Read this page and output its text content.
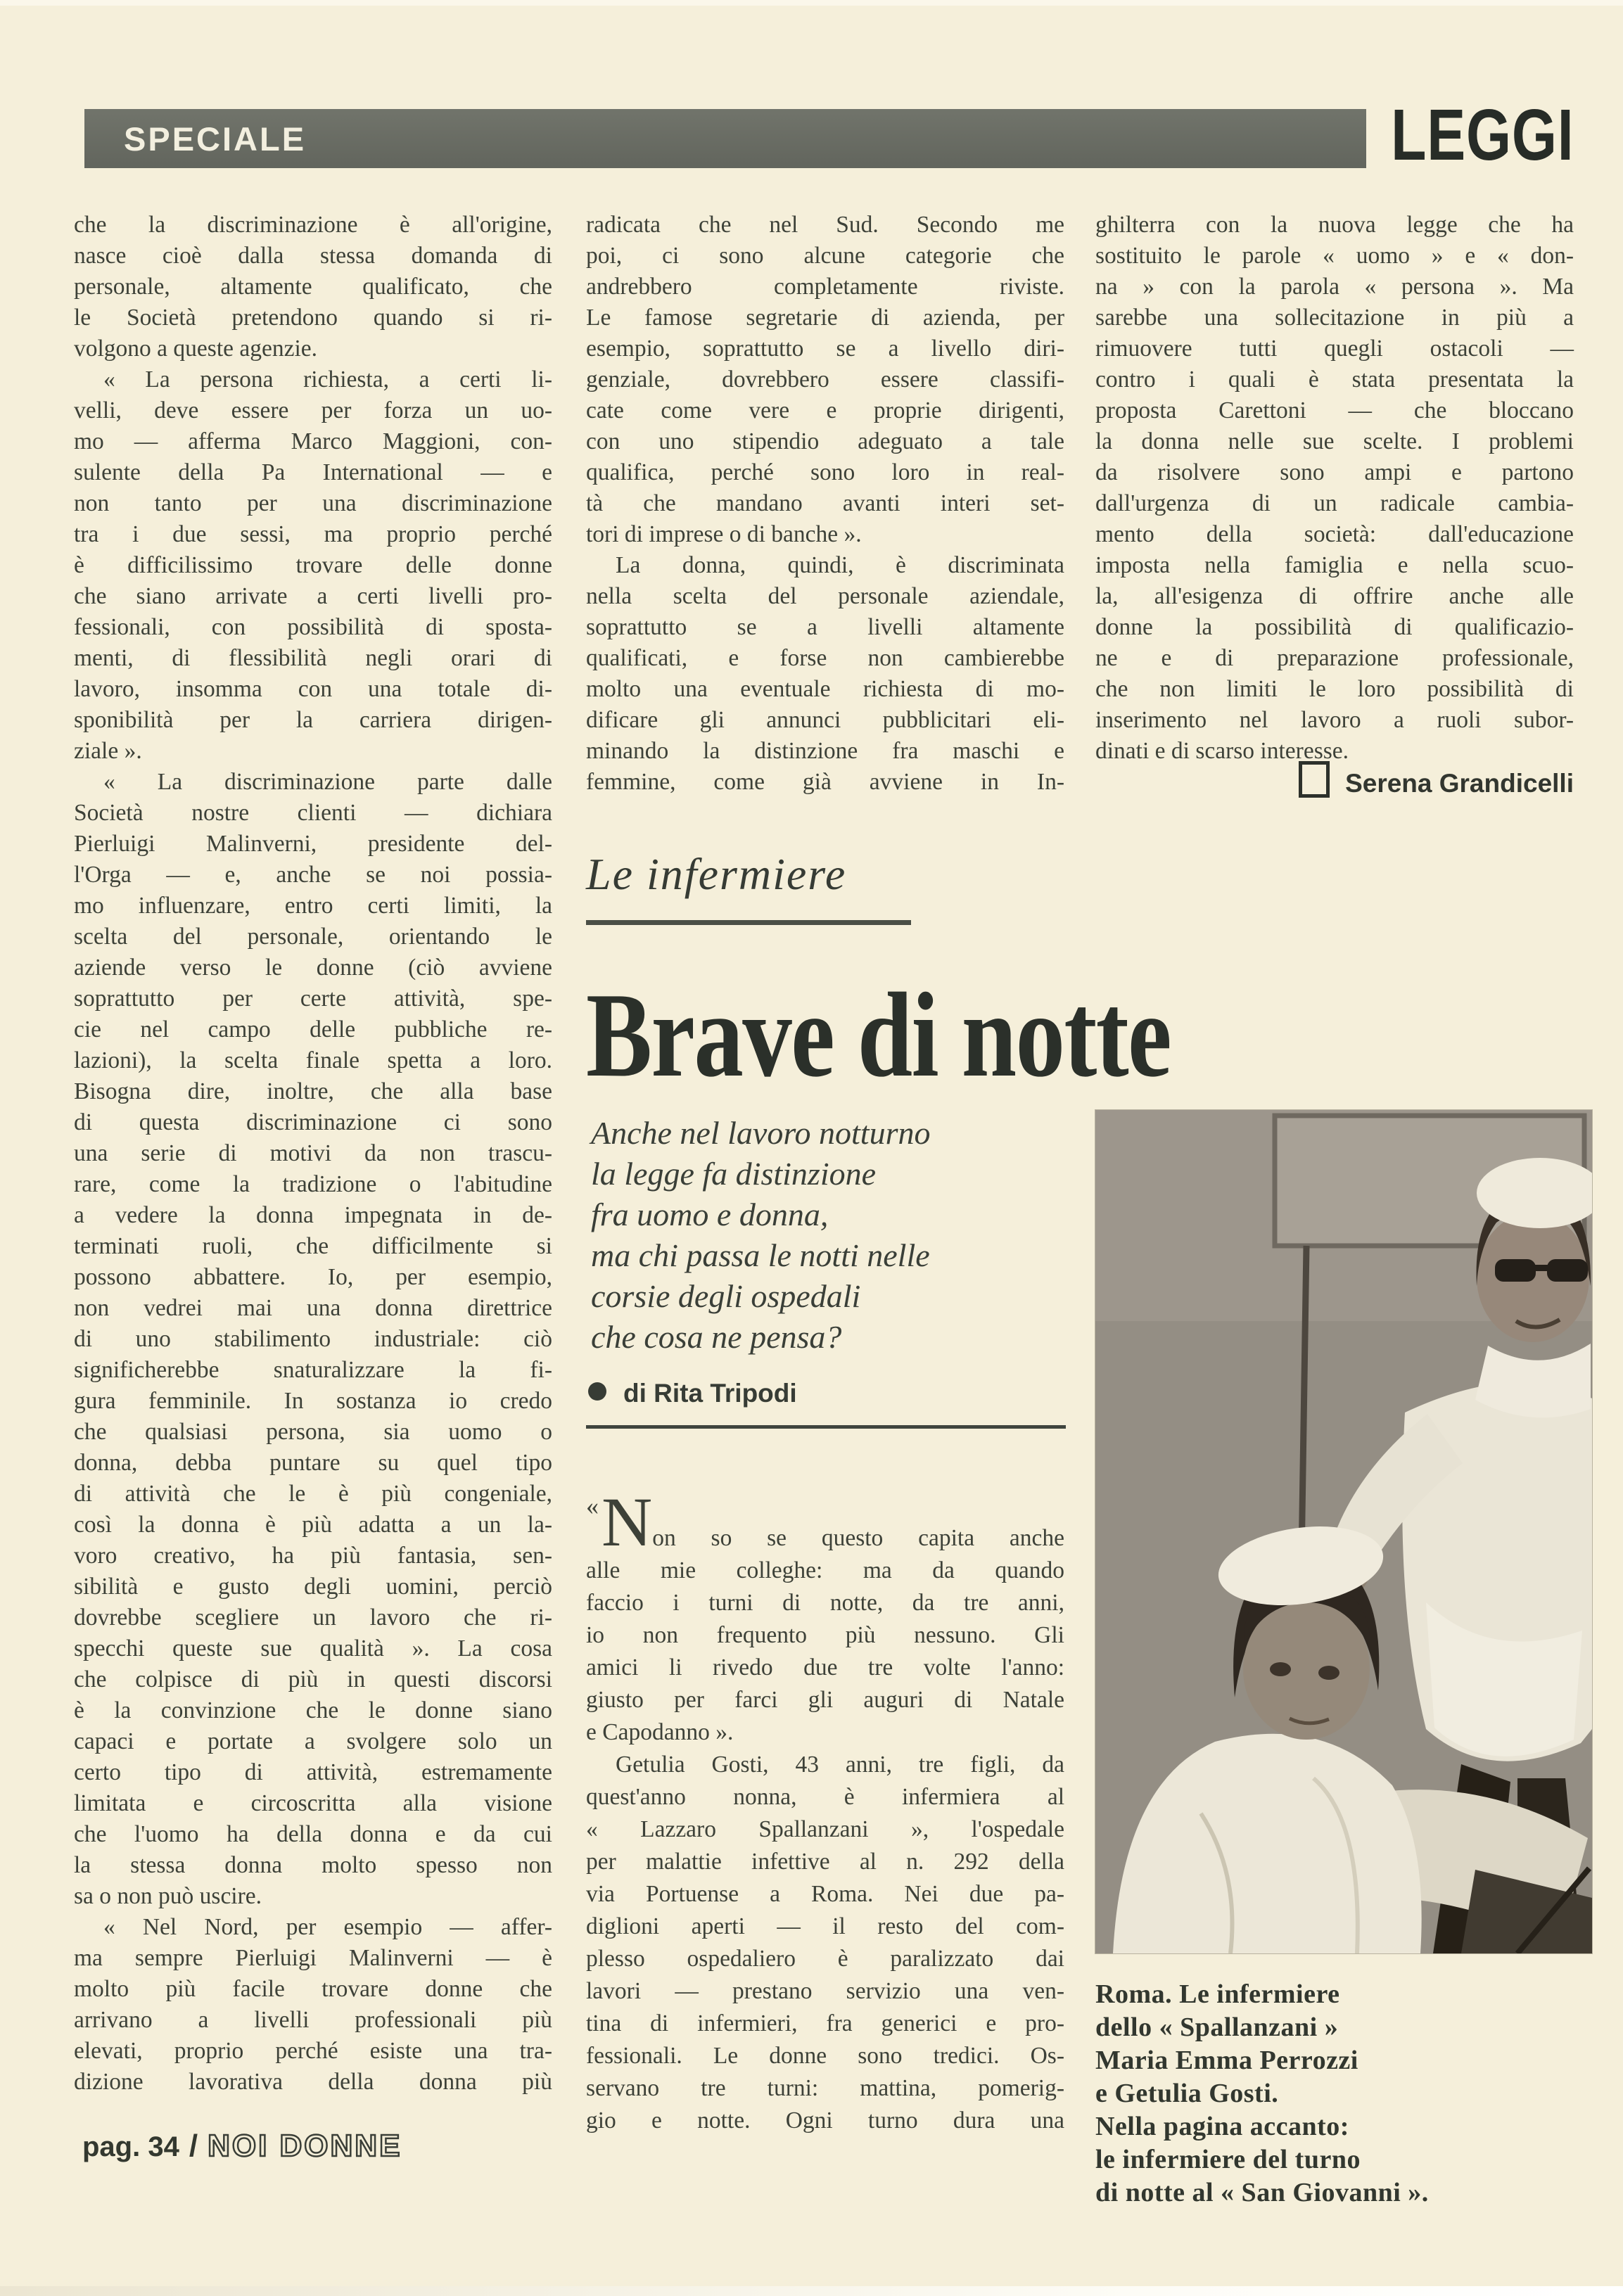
SPECIALE	LEGGI
che la discriminazione è all'origine,
nasce cioè dalla stessa domanda di
personale, altamente qualificato, che
le Società pretendono quando si ri-
volgono a queste agenzie.
« La persona richiesta, a certi li-
velli, deve essere per forza un uo-
mo — afferma Marco Maggioni, con-
sulente della Pa International — e
non tanto per una discriminazione
tra i due sessi, ma proprio perché
è difficilissimo trovare delle donne
che siano arrivate a certi livelli pro-
fessionali, con possibilità di sposta-
menti, di flessibilità negli orari di
lavoro, insomma con una totale di-
sponibilità per la carriera dirigen-
ziale ».
« La discriminazione parte dalle
Società nostre clienti — dichiara
Pierluigi Malinverni, presidente del-
l'Orga — e, anche se noi possia-
mo influenzare, entro certi limiti, la
scelta del personale, orientando le
aziende verso le donne (ciò avviene
soprattutto per certe attività, spe-
cie nel campo delle pubbliche re-
lazioni), la scelta finale spetta a loro.
Bisogna dire, inoltre, che alla base
di questa discriminazione ci sono
una serie di motivi da non trascu-
rare, come la tradizione o l'abitudine
a vedere la donna impegnata in de-
terminati ruoli, che difficilmente si
possono abbattere. Io, per esempio,
non vedrei mai una donna direttrice
di uno stabilimento industriale: ciò
significherebbe snaturalizzare la fi-
gura femminile. In sostanza io credo
che qualsiasi persona, sia uomo o
donna, debba puntare su quel tipo
di attività che le è più congeniale,
così la donna è più adatta a un la-
voro creativo, ha più fantasia, sen-
sibilità e gusto degli uomini, perciò
dovrebbe scegliere un lavoro che ri-
specchi queste sue qualità ». La cosa
che colpisce di più in questi discorsi
è la convinzione che le donne siano
capaci e portate a svolgere solo un
certo tipo di attività, estremamente
limitata e circoscritta alla visione
che l'uomo ha della donna e da cui
la stessa donna molto spesso non
sa o non può uscire.
« Nel Nord, per esempio — affer-
ma sempre Pierluigi Malinverni — è
molto più facile trovare donne che
arrivano a livelli professionali più
elevati, proprio perché esiste una tra-
dizione lavorativa della donna più
radicata che nel Sud. Secondo me
poi, ci sono alcune categorie che
andrebbero completamente riviste.
Le famose segretarie di azienda, per
esempio, soprattutto se a livello diri-
genziale, dovrebbero essere classifi-
cate come vere e proprie dirigenti,
con uno stipendio adeguato a tale
qualifica, perché sono loro in real-
tà che mandano avanti interi set-
tori di imprese o di banche ».
La donna, quindi, è discriminata
nella scelta del personale aziendale,
soprattutto se a livelli altamente
qualificati, e forse non cambierebbe
molto una eventuale richiesta di mo-
dificare gli annunci pubblicitari eli-
minando la distinzione fra maschi e
femmine, come già avviene in In-
ghilterra con la nuova legge che ha
sostituito le parole « uomo » e « don-
na » con la parola « persona ». Ma
sarebbe una sollecitazione in più a
rimuovere tutti quegli ostacoli —
contro i quali è stata presentata la
proposta Carettoni — che bloccano
la donna nelle sue scelte. I problemi
da risolvere sono ampi e partono
dall'urgenza di un radicale cambia-
mento della società: dall'educazione
imposta nella famiglia e nella scuo-
la, all'esigenza di offrire anche alle
donne la possibilità di qualificazio-
ne e di preparazione professionale,
che non limiti le loro possibilità di
inserimento nel lavoro a ruoli subor-
dinati e di scarso interesse.
Serena Grandicelli
Le infermiere
Brave di notte
Anche nel lavoro notturno
la legge fa distinzione
fra uomo e donna,
ma chi passa le notti nelle
corsie degli ospedali
che cosa ne pensa?
di Rita Tripodi
«Non so se questo capita anche
alle mie colleghe: ma da quando
faccio i turni di notte, da tre anni,
io non frequento più nessuno. Gli
amici li rivedo due tre volte l'anno:
giusto per farci gli auguri di Natale
e Capodanno ».
Getulia Gosti, 43 anni, tre figli, da
quest'anno nonna, è infermiera al
« Lazzaro Spallanzani », l'ospedale
per malattie infettive al n. 292 della
via Portuense a Roma. Nei due pa-
diglioni aperti — il resto del com-
plesso ospedaliero è paralizzato dai
lavori — prestano servizio una ven-
tina di infermieri, fra generici e pro-
fessionali. Le donne sono tredici. Os-
servano tre turni: mattina, pomerig-
gio e notte. Ogni turno dura una
Roma. Le infermiere
dello « Spallanzani »
Maria Emma Perrozzi
e Getulia Gosti.
Nella pagina accanto:
le infermiere del turno
di notte al « San Giovanni ».
pag. 34 / NOI DONNE
